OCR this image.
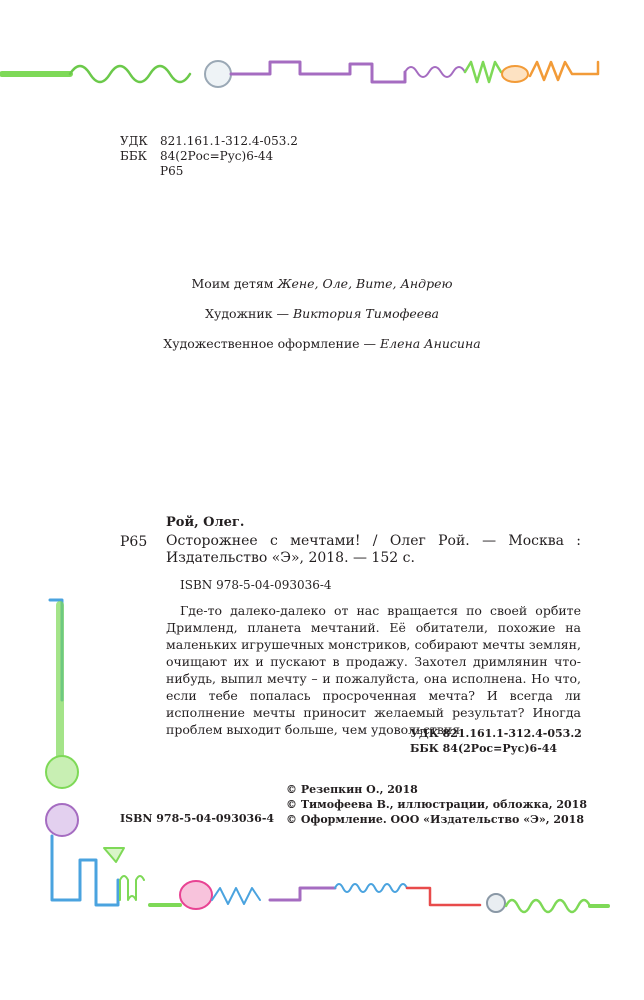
УДК	821.161.1-312.4-053.2
ББК	84(2Рос=Рус)6-44
Р65
Моим детям Жене, Оле, Вите, Андрею
Художник — Виктория Тимофеева
Художественное оформление — Елена Анисина
Рой, Олег.
Р65 Осторожнее с мечтами! / Олег Рой. — Москва : Издательство «Э», 2018. — 152 с.
ISBN 978-5-04-093036-4
Где-то далеко-далеко от нас вращается по своей орбите Дримленд, планета мечтаний. Её обитатели, похожие на маленьких игрушечных монстриков, собирают мечты землян, очищают их и пускают в продажу. Захотел дримлянин что-нибудь, выпил мечту – и пожалуйста, она исполнена. Но что, если тебе попалась просроченная мечта? И всегда ли исполнение мечты приносит желаемый результат? Иногда проблем выходит больше, чем удовольствия.
УДК 821.161.1-312.4-053.2
ББК 84(2Рос=Рус)6-44
© Резепкин О., 2018
© Тимофеева В., иллюстрации, обложка, 2018
© Оформление. ООО «Издательство «Э», 2018
ISBN 978-5-04-093036-4
